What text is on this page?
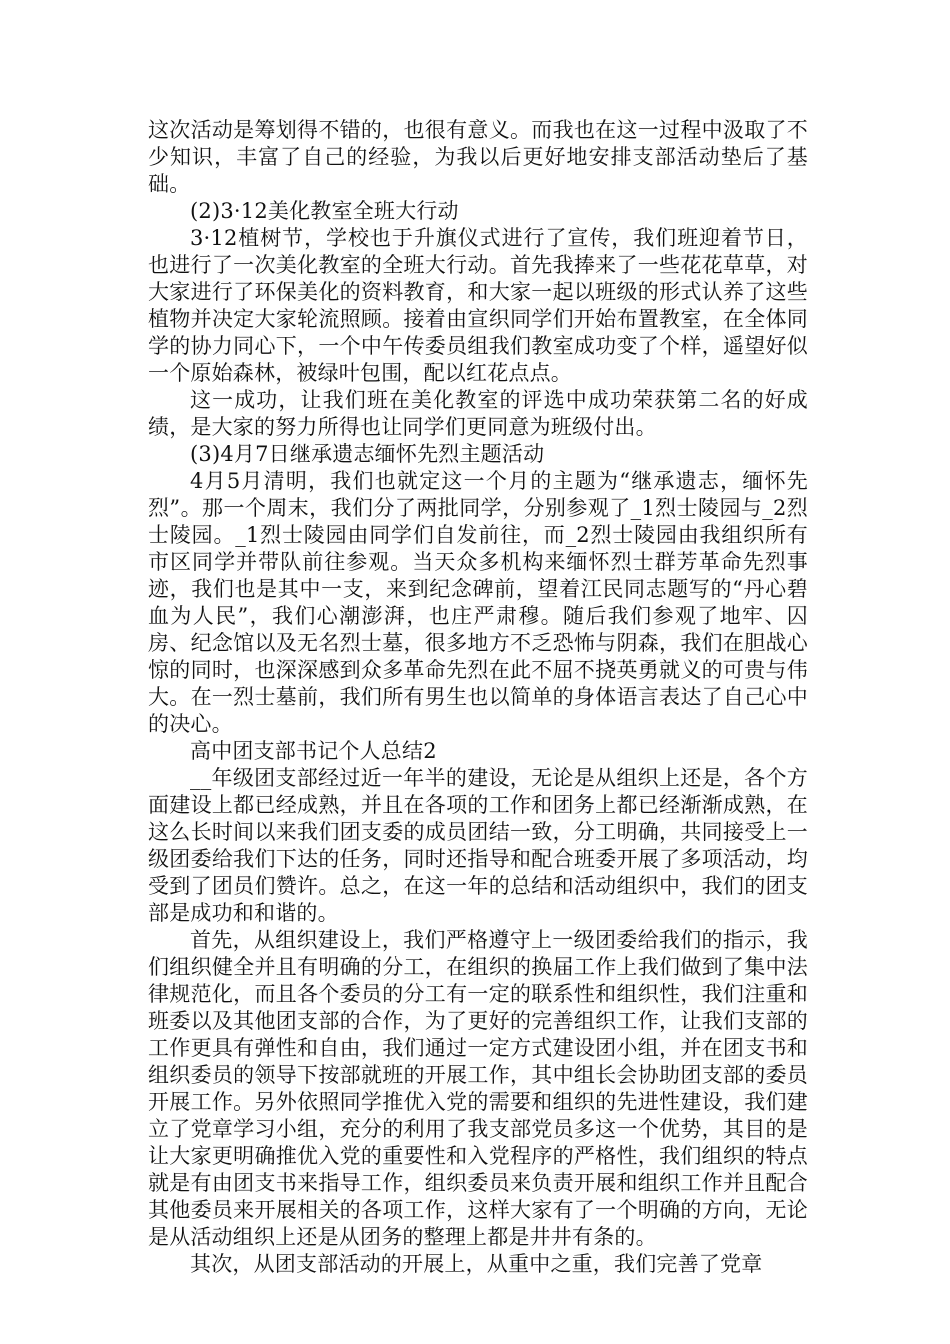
这次活动是筹划得不错的，也很有意义。而我也在这一过程中汲取了不少知识，丰富了自己的经验，为我以后更好地安排支部活动垫后了基础。

(2)3·12美化教室全班大行动

3·12植树节，学校也于升旗仪式进行了宣传，我们班迎着节日，也进行了一次美化教室的全班大行动。首先我捧来了一些花花草草，对大家进行了环保美化的资料教育，和大家一起以班级的形式认养了这些植物并决定大家轮流照顾。接着由宣织同学们开始布置教室，在全体同学的协力同心下，一个中午传委员组我们教室成功变了个样，遥望好似一个原始森林，被绿叶包围，配以红花点点。

这一成功，让我们班在美化教室的评选中成功荣获第二名的好成绩，是大家的努力所得也让同学们更同意为班级付出。

(3)4月7日继承遗志缅怀先烈主题活动

4月5月清明，我们也就定这一个月的主题为“继承遗志，缅怀先烈”。那一个周末，我们分了两批同学，分别参观了_1烈士陵园与_2烈士陵园。_1烈士陵园由同学们自发前往，而_2烈士陵园由我组织所有市区同学并带队前往参观。当天众多机构来缅怀烈士群芳革命先烈事迹，我们也是其中一支，来到纪念碑前，望着江民同志题写的“丹心碧血为人民”，我们心潮澎湃，也庄严肃穆。随后我们参观了地牢、囚房、纪念馆以及无名烈士墓，很多地方不乏恐怖与阴森，我们在胆战心惊的同时，也深深感到众多革命先烈在此不屈不挠英勇就义的可贵与伟大。在一烈士墓前，我们所有男生也以简单的身体语言表达了自己心中的决心。

高中团支部书记个人总结2

__年级团支部经过近一年半的建设，无论是从组织上还是，各个方面建设上都已经成熟，并且在各项的工作和团务上都已经渐渐成熟，在这么长时间以来我们团支委的成员团结一致，分工明确，共同接受上一级团委给我们下达的任务，同时还指导和配合班委开展了多项活动，均受到了团员们赞许。总之，在这一年的总结和活动组织中，我们的团支部是成功和和谐的。

首先，从组织建设上，我们严格遵守上一级团委给我们的指示，我们组织健全并且有明确的分工，在组织的换届工作上我们做到了集中法律规范化，而且各个委员的分工有一定的联系性和组织性，我们注重和班委以及其他团支部的合作，为了更好的完善组织工作，让我们支部的工作更具有弹性和自由，我们通过一定方式建设团小组，并在团支书和组织委员的领导下按部就班的开展工作，其中组长会协助团支部的委员开展工作。另外依照同学推优入党的需要和组织的先进性建设，我们建立了党章学习小组，充分的利用了我支部党员多这一个优势，其目的是让大家更明确推优入党的重要性和入党程序的严格性，我们组织的特点就是有由团支书来指导工作，组织委员来负责开展和组织工作并且配合其他委员来开展相关的各项工作，这样大家有了一个明确的方向，无论是从活动组织上还是从团务的整理上都是井井有条的。

其次，从团支部活动的开展上，从重中之重，我们完善了党章
